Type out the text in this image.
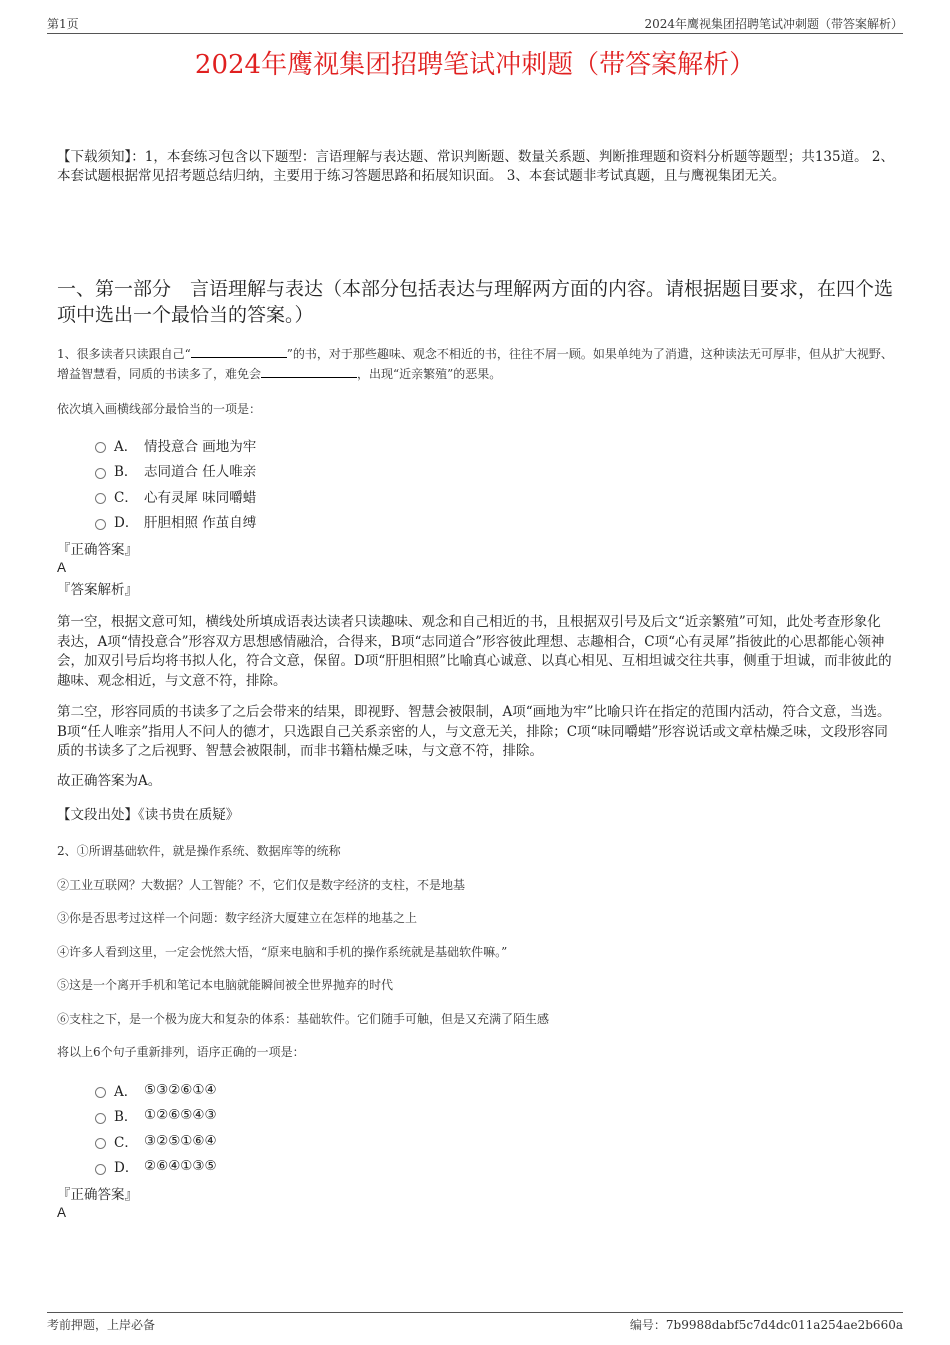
第1页	2024年鹰视集团招聘笔试冲刺题（带答案解析）
2024年鹰视集团招聘笔试冲刺题（带答案解析）
【下载须知】：1，本套练习包含以下题型：言语理解与表达题、常识判断题、数量关系题、判断推理题和资料分析题等题型；共135道。 2、本套试题根据常见招考题总结归纳，主要用于练习答题思路和拓展知识面。 3、本套试题非考试真题，且与鹰视集团无关。
一、第一部分　言语理解与表达（本部分包括表达与理解两方面的内容。请根据题目要求，在四个选项中选出一个最恰当的答案。）
1、很多读者只读跟自己“	”的书，对于那些趣味、观念不相近的书，往往不屑一顾。如果单纯为了消遣，这种读法无可厚非，但从扩大视野、增益智慧看，同质的书读多了，难免会	，出现“近亲繁殖”的恶果。
依次填入画横线部分最恰当的一项是：
A． 情投意合 画地为牢
B． 志同道合 任人唯亲
C． 心有灵犀 味同嚼蜡
D． 肝胆相照 作茧自缚
『正确答案』
A
『答案解析』
第一空，根据文意可知，横线处所填成语表达读者只读趣味、观念和自己相近的书，且根据双引号及后文“近亲繁殖”可知，此处考查形象化表达，A项“情投意合”形容双方思想感情融洽，合得来，B项“志同道合”形容彼此理想、志趣相合，C项“心有灵犀”指彼此的心思都能心领神会，加双引号后均将书拟人化，符合文意，保留。D项“肝胆相照”比喻真心诚意、以真心相见、互相坦诚交往共事，侧重于坦诚，而非彼此的趣味、观念相近，与文意不符，排除。
第二空，形容同质的书读多了之后会带来的结果，即视野、智慧会被限制，A项“画地为牢”比喻只许在指定的范围内活动，符合文意，当选。B项“任人唯亲”指用人不问人的德才，只选跟自己关系亲密的人，与文意无关，排除；C项“味同嚼蜡”形容说话或文章枯燥乏味，文段形容同质的书读多了之后视野、智慧会被限制，而非书籍枯燥乏味，与文意不符，排除。
故正确答案为A。
【文段出处】《读书贵在质疑》
2、①所谓基础软件，就是操作系统、数据库等的统称
②工业互联网？大数据？人工智能？不，它们仅是数字经济的支柱，不是地基
③你是否思考过这样一个问题：数字经济大厦建立在怎样的地基之上
④许多人看到这里，一定会恍然大悟，“原来电脑和手机的操作系统就是基础软件嘛。”
⑤这是一个离开手机和笔记本电脑就能瞬间被全世界抛弃的时代
⑥支柱之下，是一个极为庞大和复杂的体系：基础软件。它们随手可触，但是又充满了陌生感
将以上6个句子重新排列，语序正确的一项是：
A． ⑤③②⑥①④
B． ①②⑥⑤④③
C． ③②⑤①⑥④
D． ②⑥④①③⑤
『正确答案』
A
考前押题，上岸必备	编号：7b9988dabf5c7d4dc011a254ae2b660a
